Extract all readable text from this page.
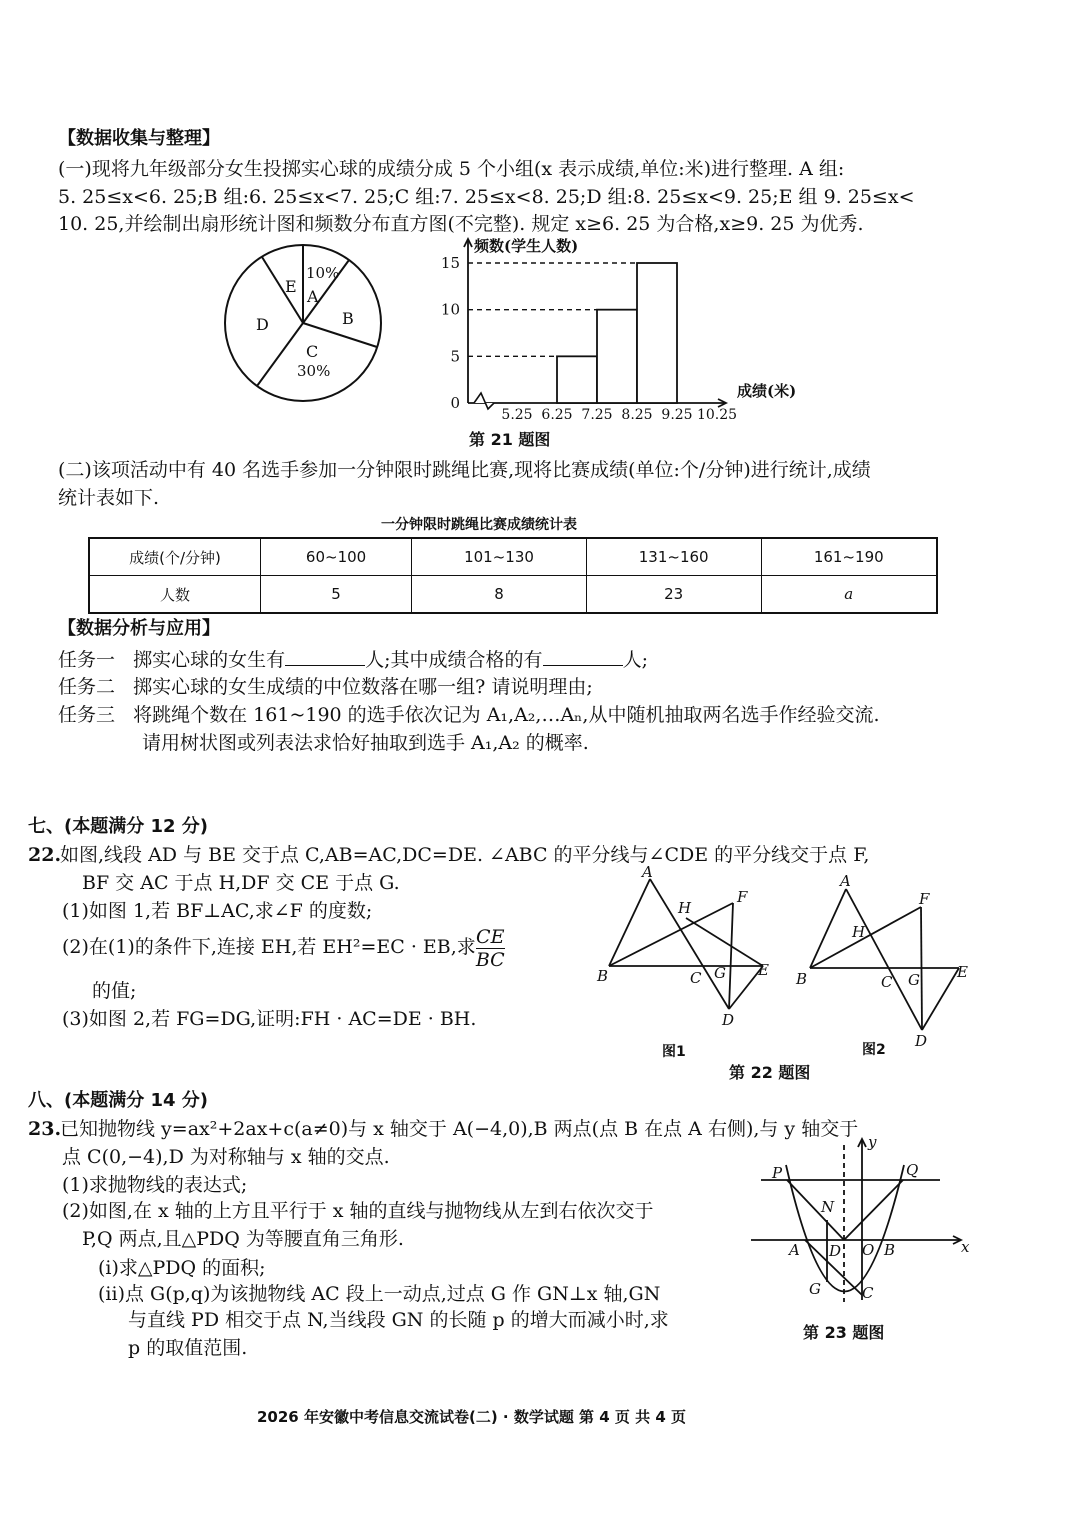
【数据收集与整理】
(一)现将九年级部分女生投掷实心球的成绩分成 5 个小组(x 表示成绩,单位:米)进行整理. A 组:
5. 25≤x<6. 25;B 组:6. 25≤x<7. 25;C 组:7. 25≤x<8. 25;D 组:8. 25≤x<9. 25;E 组 9. 25≤x<
10. 25,并绘制出扇形统计图和频数分布直方图(不完整). 规定 x≥6. 25 为合格,x≥9. 25 为优秀.
E
10%
A
B
C
30%
D
频数(学生人数)
成绩(米)
0
5
10
15
5.25 6.25 7.25 8.25 9.25 10.25
第 21 题图
(二)该项活动中有 40 名选手参加一分钟限时跳绳比赛,现将比赛成绩(单位:个/分钟)进行统计,成绩
统计表如下.
一分钟限时跳绳比赛成绩统计表
成绩(个/分钟)	60~100	101~130	131~160	161~190
人数	5	8	23	a
【数据分析与应用】
任务一 掷实心球的女生有	人;其中成绩合格的有	人;
任务二 掷实心球的女生成绩的中位数落在哪一组? 请说明理由;
任务三 将跳绳个数在 161~190 的选手依次记为 A₁,A₂,…Aₙ,从中随机抽取两名选手作经验交流.
请用树状图或列表法求恰好抽取到选手 A₁,A₂ 的概率.
七、(本题满分 12 分)
22.
如图,线段 AD 与 BE 交于点 C,AB=AC,DC=DE. ∠ABC 的平分线与∠CDE 的平分线交于点 F,
BF 交 AC 于点 H,DF 交 CE 于点 G.
(1)如图 1,若 BF⊥AC,求∠F 的度数;
(2)在(1)的条件下,连接 EH,若 EH²=EC · EB,求 $\frac{CE}{BC}$
的值;
(3)如图 2,若 FG=DG,证明:FH · AC=DE · BH.
A
H
F
B	C G E
D
A
H
F
B	C G E
D
图1	图2
第 22 题图
八、(本题满分 14 分)
23.
已知抛物线 y=ax²+2ax+c(a≠0)与 x 轴交于 A(−4,0),B 两点(点 B 在点 A 右侧),与 y 轴交于
点 C(0,−4),D 为对称轴与 x 轴的交点.
(1)求抛物线的表达式;
(2)如图,在 x 轴的上方且平行于 x 轴的直线与抛物线从左到右依次交于
P,Q 两点,且△PDQ 为等腰直角三角形.
(i)求△PDQ 的面积;
(ii)点 G(p,q)为该抛物线 AC 段上一动点,过点 G 作 GN⊥x 轴,GN
与直线 PD 相交于点 N,当线段 GN 的长随 p 的增大而减小时,求
p 的取值范围.
P	Q
N
A D O B
G	C
x
y
第 23 题图
2026 年安徽中考信息交流试卷(二) · 数学试题 第 4 页 共 4 页
